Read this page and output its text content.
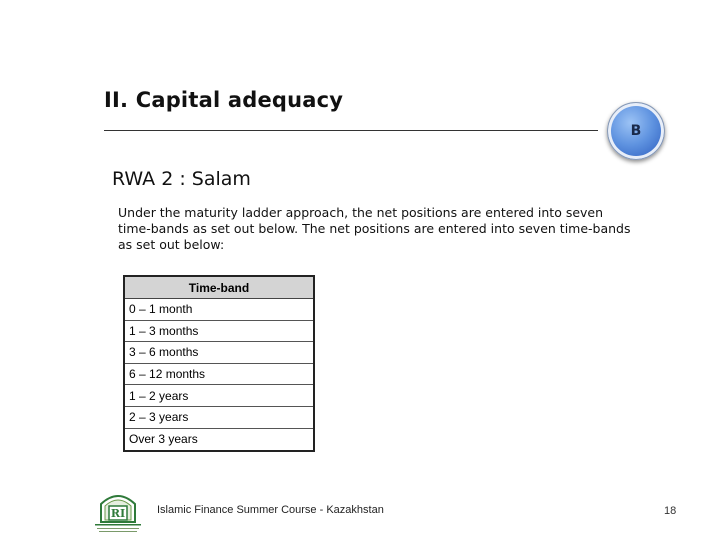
II. Capital adequacy
B
RWA 2 : Salam
Under the maturity ladder approach, the net positions are entered into seven time-bands as set out below. The net positions are entered into seven time-bands as set out below:
Time-band
0 – 1 month
1 – 3 months
3 – 6 months
6 – 12 months
1 – 2 years
2 – 3 years
Over 3 years
RI	Islamic Finance Summer Course - Kazakhstan	18
